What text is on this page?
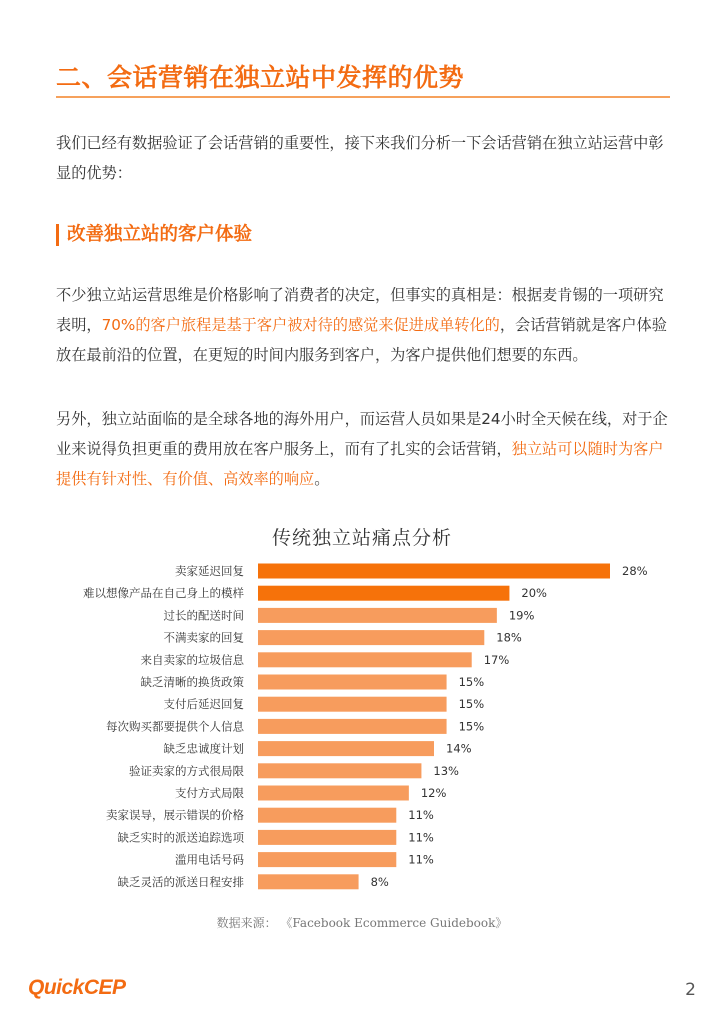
二、会话营销在独立站中发挥的优势
我们已经有数据验证了会话营销的重要性，接下来我们分析一下会话营销在独立站运营中彰显的优势：
改善独立站的客户体验
不少独立站运营思维是价格影响了消费者的决定，但事实的真相是：根据麦肯锡的一项研究表明，70%的客户旅程是基于客户被对待的感觉来促进成单转化的，会话营销就是客户体验放在最前沿的位置，在更短的时间内服务到客户，为客户提供他们想要的东西。
另外，独立站面临的是全球各地的海外用户，而运营人员如果是24小时全天候在线，对于企业来说得负担更重的费用放在客户服务上，而有了扎实的会话营销，独立站可以随时为客户提供有针对性、有价值、高效率的响应。
传统独立站痛点分析
卖家延迟回复	28%
难以想像产品在自己身上的模样	20%
过长的配送时间	19%
不满卖家的回复	18%
来自卖家的垃圾信息	17%
缺乏清晰的换货政策	15%
支付后延迟回复	15%
每次购买都要提供个人信息	15%
缺乏忠诚度计划	14%
验证卖家的方式很局限	13%
支付方式局限	12%
卖家误导，展示错误的价格	11%
缺乏实时的派送追踪选项	11%
滥用电话号码	11%
缺乏灵活的派送日程安排	8%
数据来源： 《Facebook Ecommerce Guidebook》
QuickCEP	2
